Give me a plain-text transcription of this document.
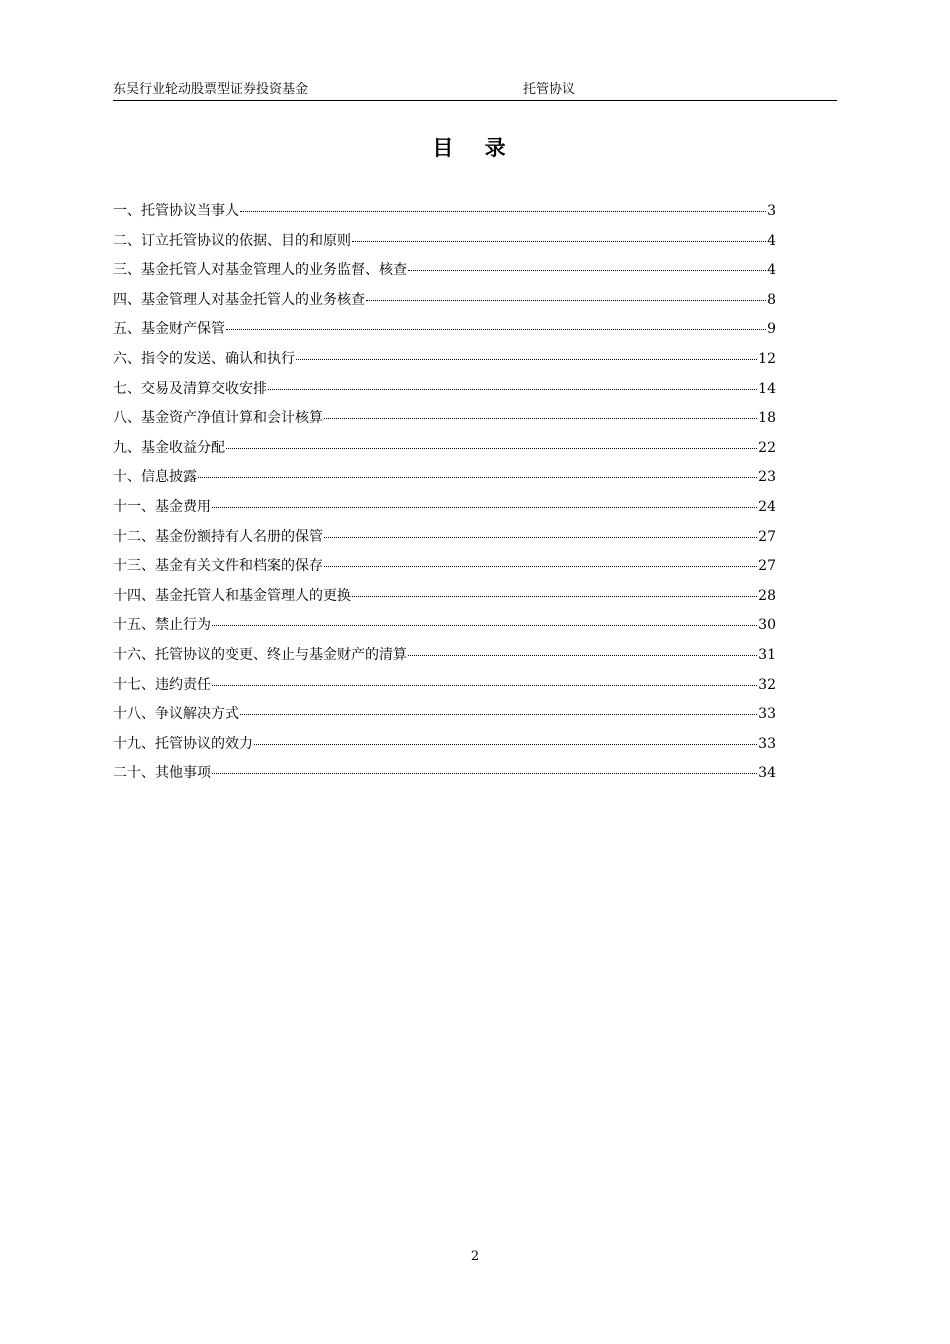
东吴行业轮动股票型证券投资基金	托管协议
目 录
一、托管协议当事人	3
二、订立托管协议的依据、目的和原则	4
三、基金托管人对基金管理人的业务监督、核查	4
四、基金管理人对基金托管人的业务核查	8
五、基金财产保管	9
六、指令的发送、确认和执行	12
七、交易及清算交收安排	14
八、基金资产净值计算和会计核算	18
九、基金收益分配	22
十、信息披露	23
十一、基金费用	24
十二、基金份额持有人名册的保管	27
十三、基金有关文件和档案的保存	27
十四、基金托管人和基金管理人的更换	28
十五、禁止行为	30
十六、托管协议的变更、终止与基金财产的清算	31
十七、违约责任	32
十八、争议解决方式	33
十九、托管协议的效力	33
二十、其他事项	34
2
